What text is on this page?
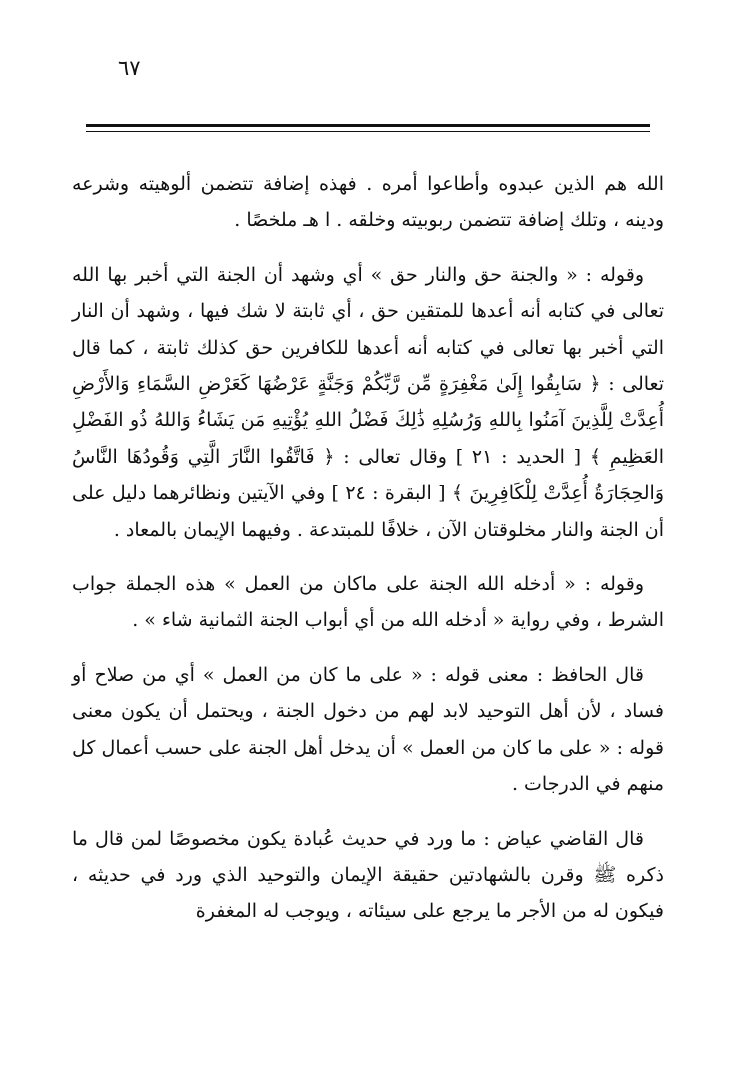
٦٧

الله هم الذين عبدوه وأطاعوا أمره . فهذه إضافة تتضمن ألوهيته وشرعه ودينه ، وتلك إضافة تتضمن ربوبيته وخلقه . ا هـ ملخصًا .

وقوله : « والجنة حق والنار حق » أي وشهد أن الجنة التي أخبر بها الله تعالى في كتابه أنه أعدها للمتقين حق ، أي ثابتة لا شك فيها ، وشهد أن النار التي أخبر بها تعالى في كتابه أنه أعدها للكافرين حق كذلك ثابتة ، كما قال تعالى : ﴿ سَابِقُوا إِلَىٰ مَغْفِرَةٍ مِّن رَّبِّكُمْ وَجَنَّةٍ عَرْضُهَا كَعَرْضِ السَّمَاءِ وَالأَرْضِ أُعِدَّتْ لِلَّذِينَ آمَنُوا بِاللهِ وَرُسُلِهِ ذَٰلِكَ فَضْلُ اللهِ يُؤْتِيهِ مَن يَشَاءُ وَاللهُ ذُو الفَضْلِ العَظِيمِ ﴾ [ الحديد : ٢١ ] وقال تعالى : ﴿ فَاتَّقُوا النَّارَ الَّتِي وَقُودُهَا النَّاسُ وَالحِجَارَةُ أُعِدَّتْ لِلْكَافِرِينَ ﴾ [ البقرة : ٢٤ ] وفي الآيتين ونظائرهما دليل على أن الجنة والنار مخلوقتان الآن ، خلافًا للمبتدعة . وفيهما الإيمان بالمعاد .

وقوله : « أدخله الله الجنة على ماكان من العمل » هذه الجملة جواب الشرط ، وفي رواية « أدخله الله من أي أبواب الجنة الثمانية شاء » .

قال الحافظ : معنى قوله : « على ما كان من العمل » أي من صلاح أو فساد ، لأن أهل التوحيد لابد لهم من دخول الجنة ، ويحتمل أن يكون معنى قوله : « على ما كان من العمل » أن يدخل أهل الجنة على حسب أعمال كل منهم في الدرجات .

قال القاضي عياض : ما ورد في حديث عُبادة يكون مخصوصًا لمن قال ما ذكره ﷺ وقرن بالشهادتين حقيقة الإيمان والتوحيد الذي ورد في حديثه ، فيكون له من الأجر ما يرجع على سيئاته ، ويوجب له المغفرة
